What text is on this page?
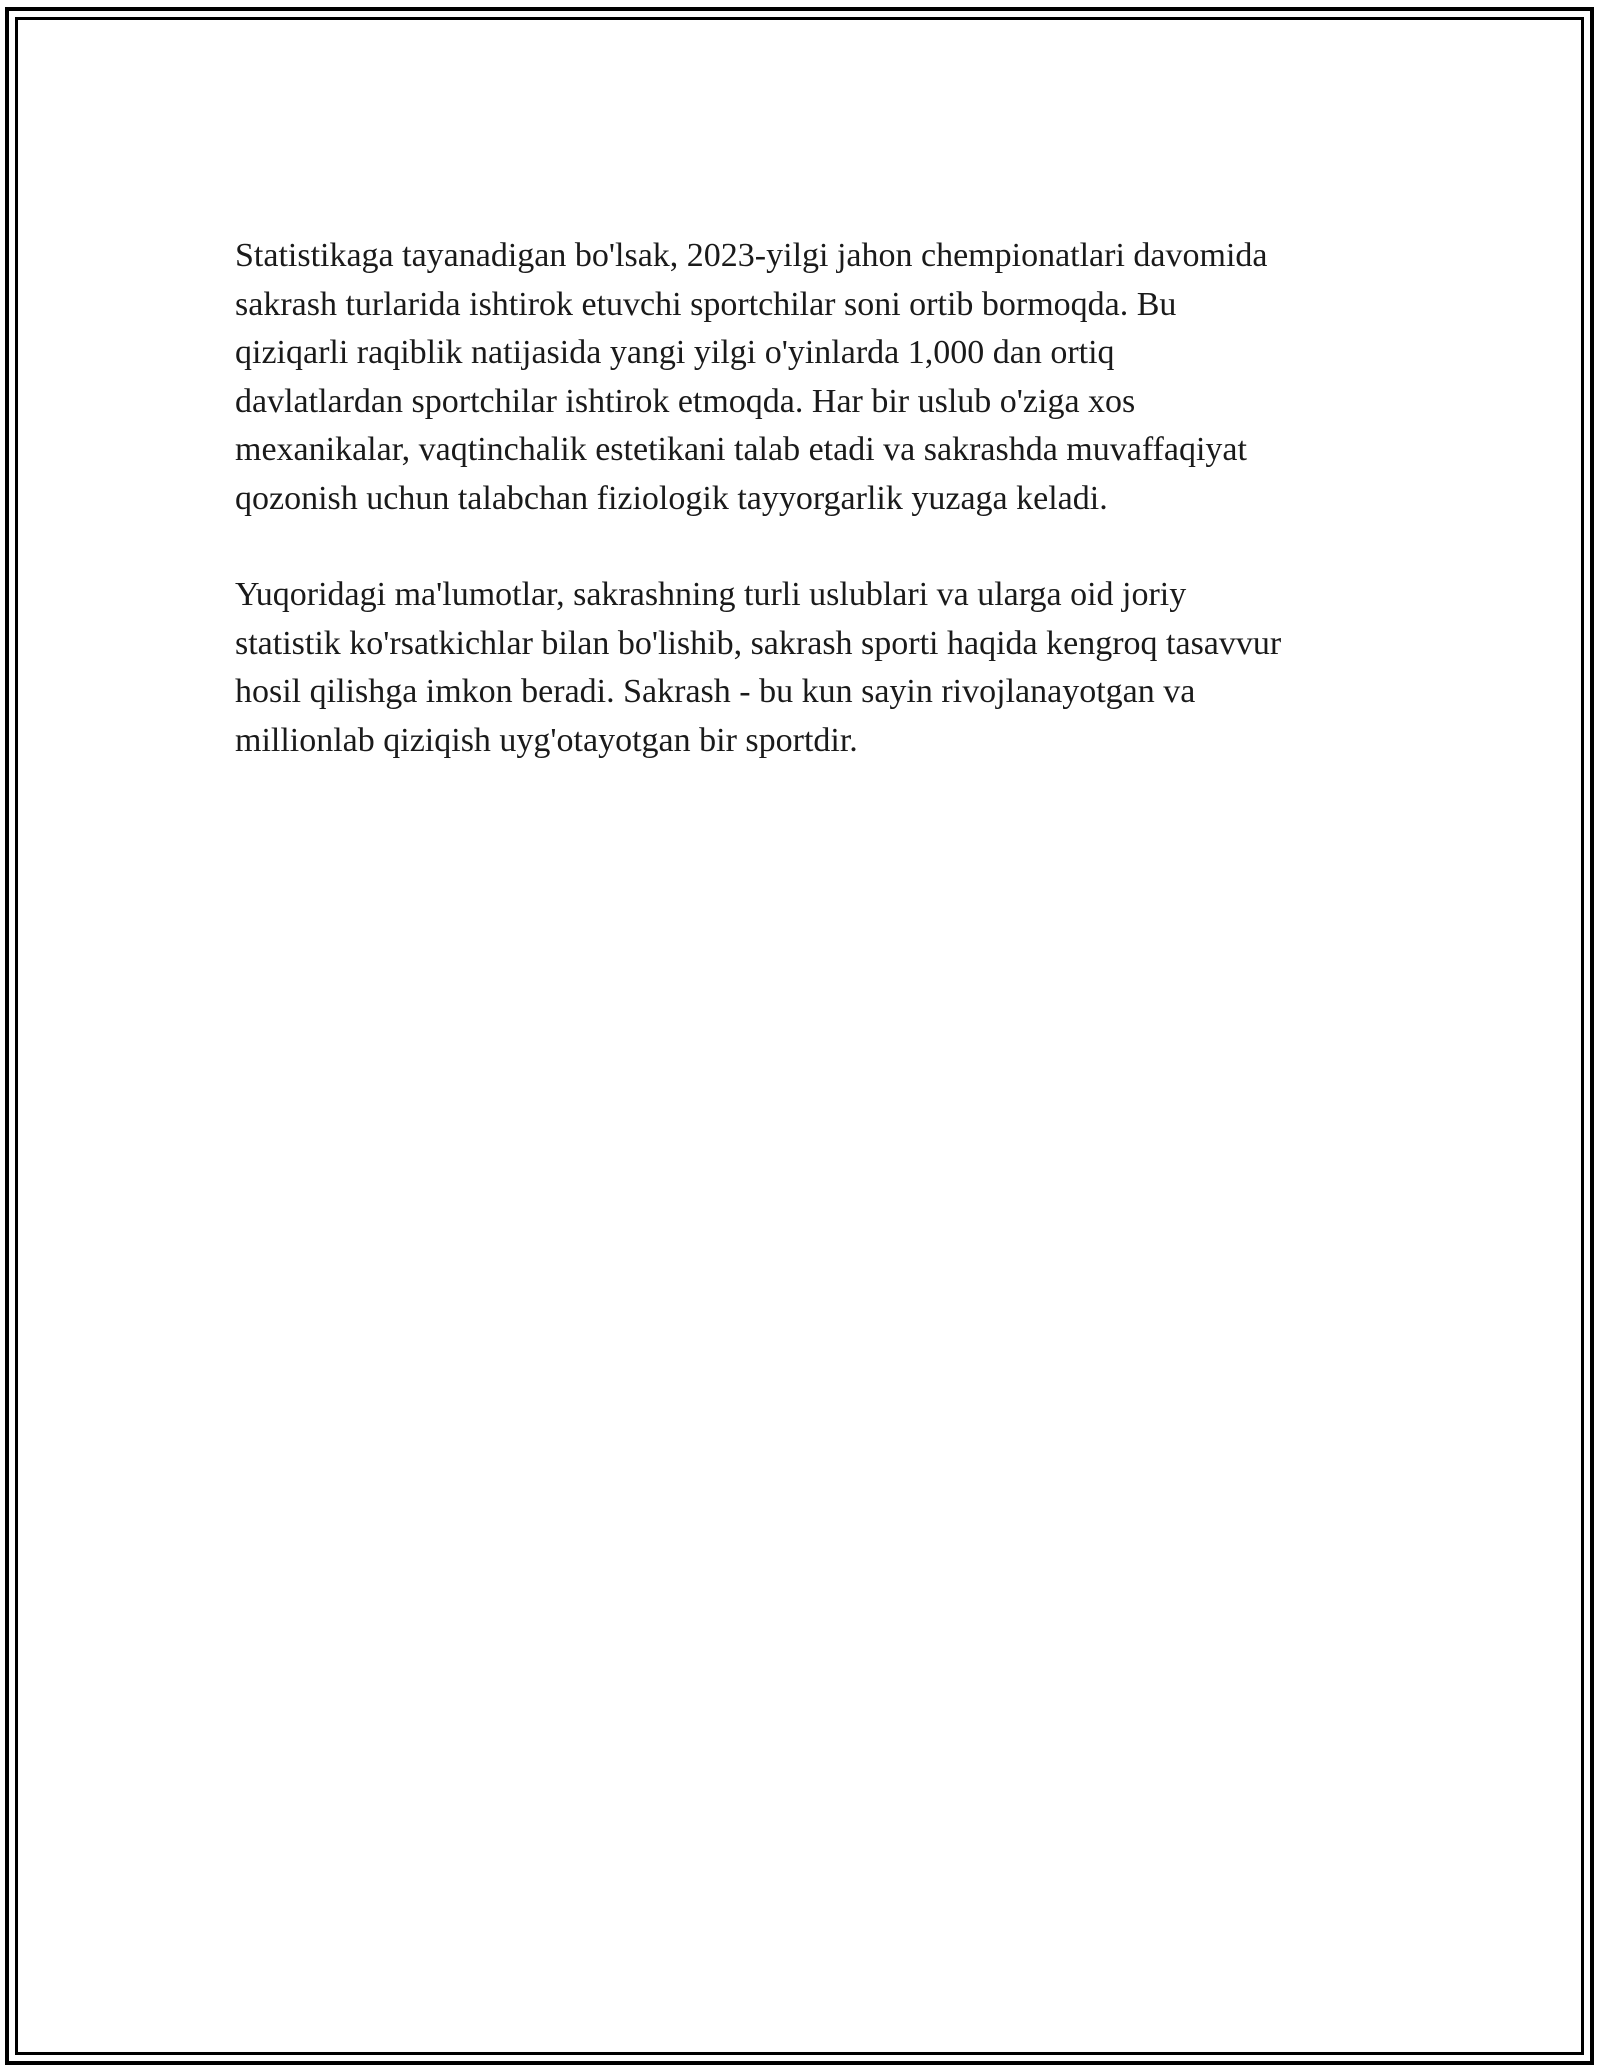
Statistikaga tayanadigan bo'lsak, 2023-yilgi jahon chempionatlari davomida
sakrash turlarida ishtirok etuvchi sportchilar soni ortib bormoqda. Bu
qiziqarli raqiblik natijasida yangi yilgi o'yinlarda 1,000 dan ortiq
davlatlardan sportchilar ishtirok etmoqda. Har bir uslub o'ziga xos
mexanikalar, vaqtinchalik estetikani talab etadi va sakrashda muvaffaqiyat
qozonish uchun talabchan fiziologik tayyorgarlik yuzaga keladi.

Yuqoridagi ma'lumotlar, sakrashning turli uslublari va ularga oid joriy
statistik ko'rsatkichlar bilan bo'lishib, sakrash sporti haqida kengroq tasavvur
hosil qilishga imkon beradi. Sakrash - bu kun sayin rivojlanayotgan va
millionlab qiziqish uyg'otayotgan bir sportdir.
